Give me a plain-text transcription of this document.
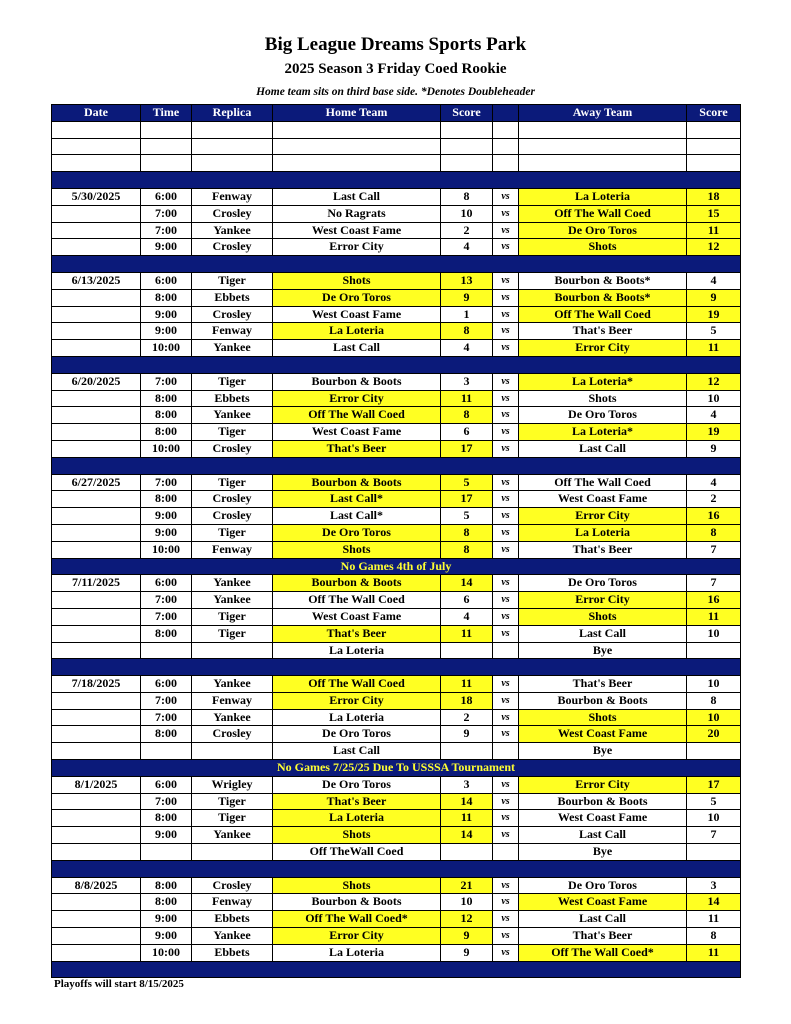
Big League Dreams Sports Park
2025 Season 3 Friday Coed Rookie
Home team sits on third base side. *Denotes Doubleheader
Date	Time	Replica	Home Team	Score		Away Team	Score

5/30/2025	6:00	Fenway	Last Call	8	vs	La Loteria	18
	7:00	Crosley	No Ragrats	10	vs	Off The Wall Coed	15
	7:00	Yankee	West Coast Fame	2	vs	De Oro Toros	11
	9:00	Crosley	Error City	4	vs	Shots	12

6/13/2025	6:00	Tiger	Shots	13	vs	Bourbon & Boots*	4
	8:00	Ebbets	De Oro Toros	9	vs	Bourbon & Boots*	9
	9:00	Crosley	West Coast Fame	1	vs	Off The Wall Coed	19
	9:00	Fenway	La Loteria	8	vs	That's Beer	5
	10:00	Yankee	Last Call	4	vs	Error City	11

6/20/2025	7:00	Tiger	Bourbon & Boots	3	vs	La Loteria*	12
	8:00	Ebbets	Error City	11	vs	Shots	10
	8:00	Yankee	Off The Wall Coed	8	vs	De Oro Toros	4
	8:00	Tiger	West Coast Fame	6	vs	La Loteria*	19
	10:00	Crosley	That's Beer	17	vs	Last Call	9

6/27/2025	7:00	Tiger	Bourbon & Boots	5	vs	Off The Wall Coed	4
	8:00	Crosley	Last Call*	17	vs	West Coast Fame	2
	9:00	Crosley	Last Call*	5	vs	Error City	16
	9:00	Tiger	De Oro Toros	8	vs	La Loteria	8
	10:00	Fenway	Shots	8	vs	That's Beer	7
No Games 4th of July							
7/11/2025	6:00	Yankee	Bourbon & Boots	14	vs	De Oro Toros	7
	7:00	Yankee	Off The Wall Coed	6	vs	Error City	16
	7:00	Tiger	West Coast Fame	4	vs	Shots	11
	8:00	Tiger	That's Beer	11	vs	Last Call	10
			La Loteria			Bye	

7/18/2025	6:00	Yankee	Off The Wall Coed	11	vs	That's Beer	10
	7:00	Fenway	Error City	18	vs	Bourbon & Boots	8
	7:00	Yankee	La Loteria	2	vs	Shots	10
	8:00	Crosley	De Oro Toros	9	vs	West Coast Fame	20
			Last Call			Bye	
No Games 7/25/25 Due To USSSA Tournament							
8/1/2025	6:00	Wrigley	De Oro Toros	3	vs	Error City	17
	7:00	Tiger	That's Beer	14	vs	Bourbon & Boots	5
	8:00	Tiger	La Loteria	11	vs	West Coast Fame	10
	9:00	Yankee	Shots	14	vs	Last Call	7
			Off TheWall Coed			Bye	

8/8/2025	8:00	Crosley	Shots	21	vs	De Oro Toros	3
	8:00	Fenway	Bourbon & Boots	10	vs	West Coast Fame	14
	9:00	Ebbets	Off The Wall Coed*	12	vs	Last Call	11
	9:00	Yankee	Error City	9	vs	That's Beer	8
	10:00	Ebbets	La Loteria	9	vs	Off The Wall Coed*	11

Playoffs will start 8/15/2025
